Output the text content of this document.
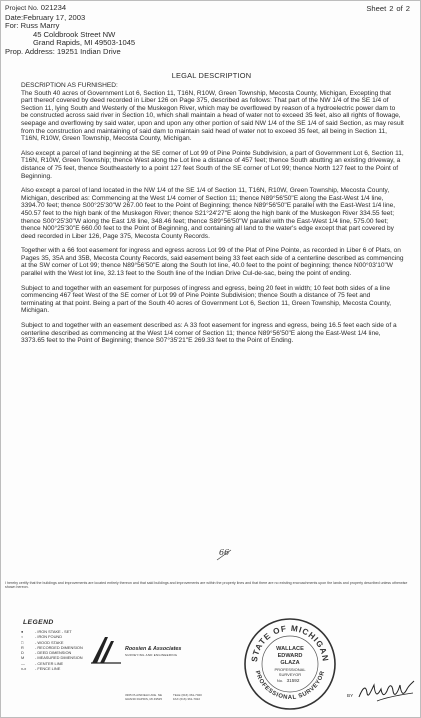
Project No. 021234
Date:February 17, 2003
For: Russ Marry
45 Coldbrook Street NW
Grand Rapids, MI 49503-1045
Prop. Address: 19251 Indian Drive
Sheet 2 of 2
LEGAL DESCRIPTION

DESCRIPTION AS FURNISHED:

The South 40 acres of Government Lot 6, Section 11, T16N, R10W, Green Township, Mecosta County, Michigan, Excepting that part thereof covered by deed recorded in Liber 126 on Page 375, described as follows: That part of the NW 1/4 of the SE 1/4 of Section 11, lying South and Westerly of the Muskegon River, which may be overflowed by reason of a hydroelectric power dam to be constructed across said river in Section 10, which shall maintain a head of water not to exceed 35 feet, also all rights of flowage, seepage and overflowing by said water, upon and upon any other portion of said NW 1/4 of the SE 1/4 of said Section, as may result from the construction and maintaining of said dam to maintain said head of water not to exceed 35 feet, all being in Section 11, T16N, R10W, Green Township, Mecosta County, Michigan.

Also except a parcel of land beginning at the SE corner of Lot 99 of Pine Pointe Subdivision, a part of Government Lot 6, Section 11, T16N, R10W, Green Township; thence West along the Lot line a distance of 457 feet; thence South abutting an existing driveway, a distance of 75 feet, thence Southeasterly to a point 127 feet South of the SE corner of Lot 99; thence North 127 feet to the Point of Beginning.

Also except a parcel of land located in the NW 1/4 of the SE 1/4 of Section 11, T16N, R10W, Green Township, Mecosta County, Michigan, described as: Commencing at the West 1/4 corner of Section 11; thence N89°56'50"E along the East-West 1/4 line, 3394.70 feet; thence S00°25'30"W 267.00 feet to the Point of Beginning; thence N89°56'50"E parallel with the East-West 1/4 line, 450.57 feet to the high bank of the Muskegon River; thence S21°24'27"E along the high bank of the Muskegon River 334.55 feet; thence S00°25'30"W along the East 1/8 line, 348.46 feet; thence S89°56'50"W parallel with the East-West 1/4 line, 575.00 feet; thence N00°25'30"E 660.00 feet to the Point of Beginning, and containing all land to the water's edge except that part covered by deed recorded in Liber 126, Page 375, Mecosta County Records.

Together with a 66 foot easement for ingress and egress across Lot 99 of the Plat of Pine Pointe, as recorded in Liber 6 of Plats, on Pages 35, 35A and 35B, Mecosta County Records, said easement being 33 feet each side of a centerline described as commencing at the SW corner of Lot 99; thence N89°56'50"E along the South lot line, 40.0 feet to the point of beginning; thence N00°03'10"W parallel with the West lot line, 32.13 feet to the South line of the Indian Drive Cul-de-sac, being the point of ending.

Subject to and together with an easement for purposes of ingress and egress, being 20 feet in width; 10 feet both sides of a line commencing 467 feet West of the SE corner of Lot 99 of Pine Pointe Subdivision; thence South a distance of 75 feet and terminating at that point. Being a part of the South 40 acres of Government Lot 6, Section 11, Green Township, Mecosta County, Michigan.

Subject to and together with an easement described as: A 33 foot easement for ingress and egress, being 16.5 feet each side of a centerline described as commencing at the West 1/4 corner of Section 11; thence N89°56'50"E along the East-West 1/4 line, 3373.65 feet to the Point of Beginning; thence S07°35'21"E 269.33 feet to the Point of Ending.

66
I hereby certify that the buildings and improvements are located entirely thereon and that said buildings and improvements are within the property lines and that there are no existing encroachments upon the lands and property described unless otherwise shown hereon.
LEGEND
●	- IRON STAKE - SET
○	- IRON FOUND
□	- WOOD STAKE
R	- RECORDED DIMENSION
D	- DEED DIMENSION
M	- MEASURED DIMENSION
—	- CENTER LINE
x-x - FENCE LINE
Roosien & Associates
SURVEYING AND ENGINEERING
3365 PLAINFIELD AVE. NE
GRAND RAPIDS, MI 49525
TELE (616) 361-7020
FAX (616) 361-7022
STATE OF MICHIGAN
PROFESSIONAL SURVEYOR
WALLACE
EDWARD
GLAZA
PROFESSIONAL
SURVEYOR
No. 31592
BY
